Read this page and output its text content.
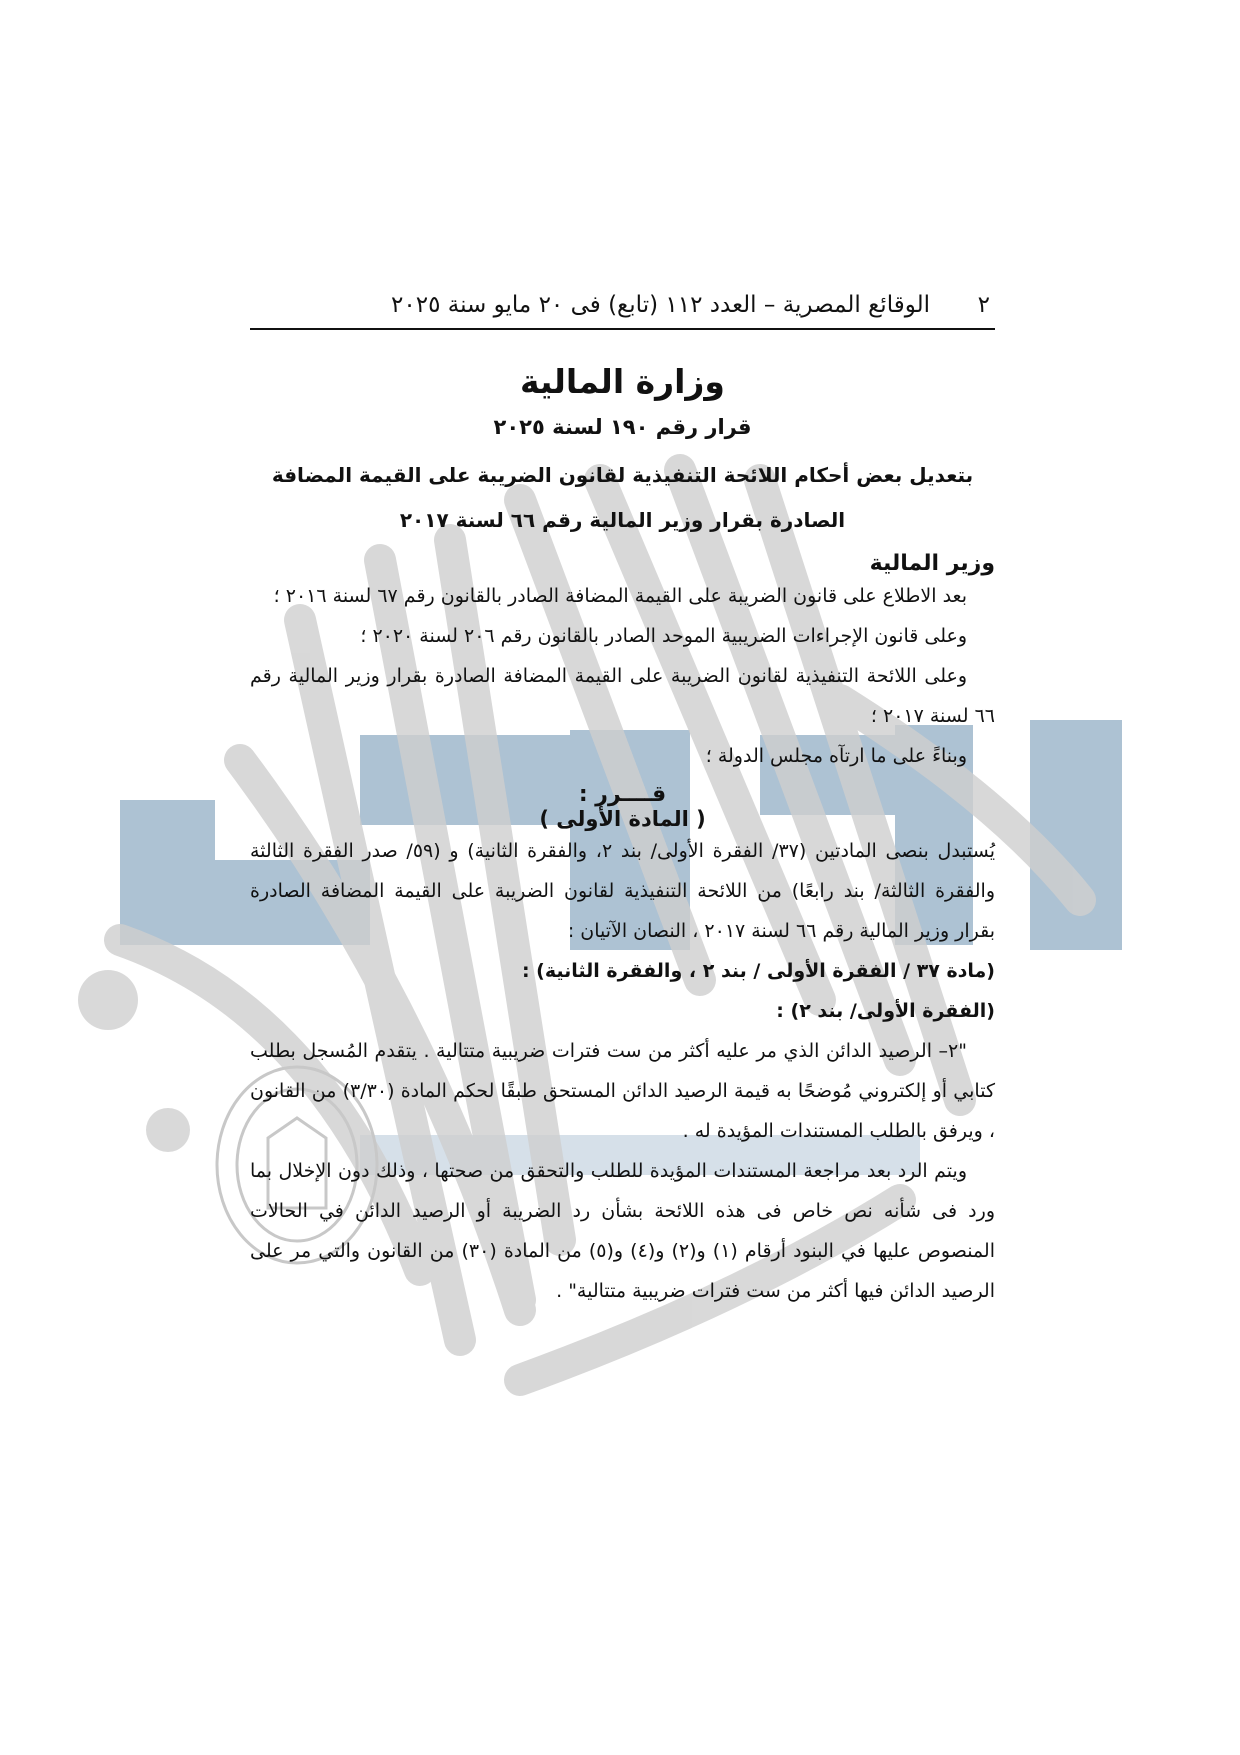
٢
الوقائع المصرية – العدد ١١٢ (تابع) فى ٢٠ مايو سنة ٢٠٢٥
وزارة المالية
قرار رقم ١٩٠ لسنة ٢٠٢٥
بتعديل بعض أحكام اللائحة التنفيذية لقانون الضريبة على القيمة المضافة
الصادرة بقرار وزير المالية رقم ٦٦ لسنة ٢٠١٧
وزير المالية

بعد الاطلاع على قانون الضريبة على القيمة المضافة الصادر بالقانون رقم ٦٧ لسنة ٢٠١٦ ؛

وعلى قانون الإجراءات الضريبية الموحد الصادر بالقانون رقم ٢٠٦ لسنة ٢٠٢٠ ؛

وعلى اللائحة التنفيذية لقانون الضريبة على القيمة المضافة الصادرة بقرار وزير المالية رقم ٦٦ لسنة ٢٠١٧ ؛

وبناءً على ما ارتآه مجلس الدولة ؛

قــــرر :
( المادة الأولى )

يُستبدل بنصى المادتين (٣٧/ الفقرة الأولى/ بند ٢، والفقرة الثانية) و (٥٩/ صدر الفقرة الثالثة والفقرة الثالثة/ بند رابعًا) من اللائحة التنفيذية لقانون الضريبة على القيمة المضافة الصادرة بقرار وزير المالية رقم ٦٦ لسنة ٢٠١٧ ، النصان الآتيان :

(مادة ٣٧ / الفقرة الأولى / بند ٢ ، والفقرة الثانية) :

(الفقرة الأولى/ بند ٢) :

"٢– الرصيد الدائن الذي مر عليه أكثر من ست فترات ضريبية متتالية . يتقدم المُسجل بطلب كتابي أو إلكتروني مُوضحًا به قيمة الرصيد الدائن المستحق طبقًا لحكم المادة (٣/٣٠) من القانون ، ويرفق بالطلب المستندات المؤيدة له .

ويتم الرد بعد مراجعة المستندات المؤيدة للطلب والتحقق من صحتها ، وذلك دون الإخلال بما ورد فى شأنه نص خاص فى هذه اللائحة بشأن رد الضريبة أو الرصيد الدائن في الحالات المنصوص عليها في البنود أرقام (١) و(٢) و(٤) و(٥) من المادة (٣٠) من القانون والتي مر على الرصيد الدائن فيها أكثر من ست فترات ضريبية متتالية" .
